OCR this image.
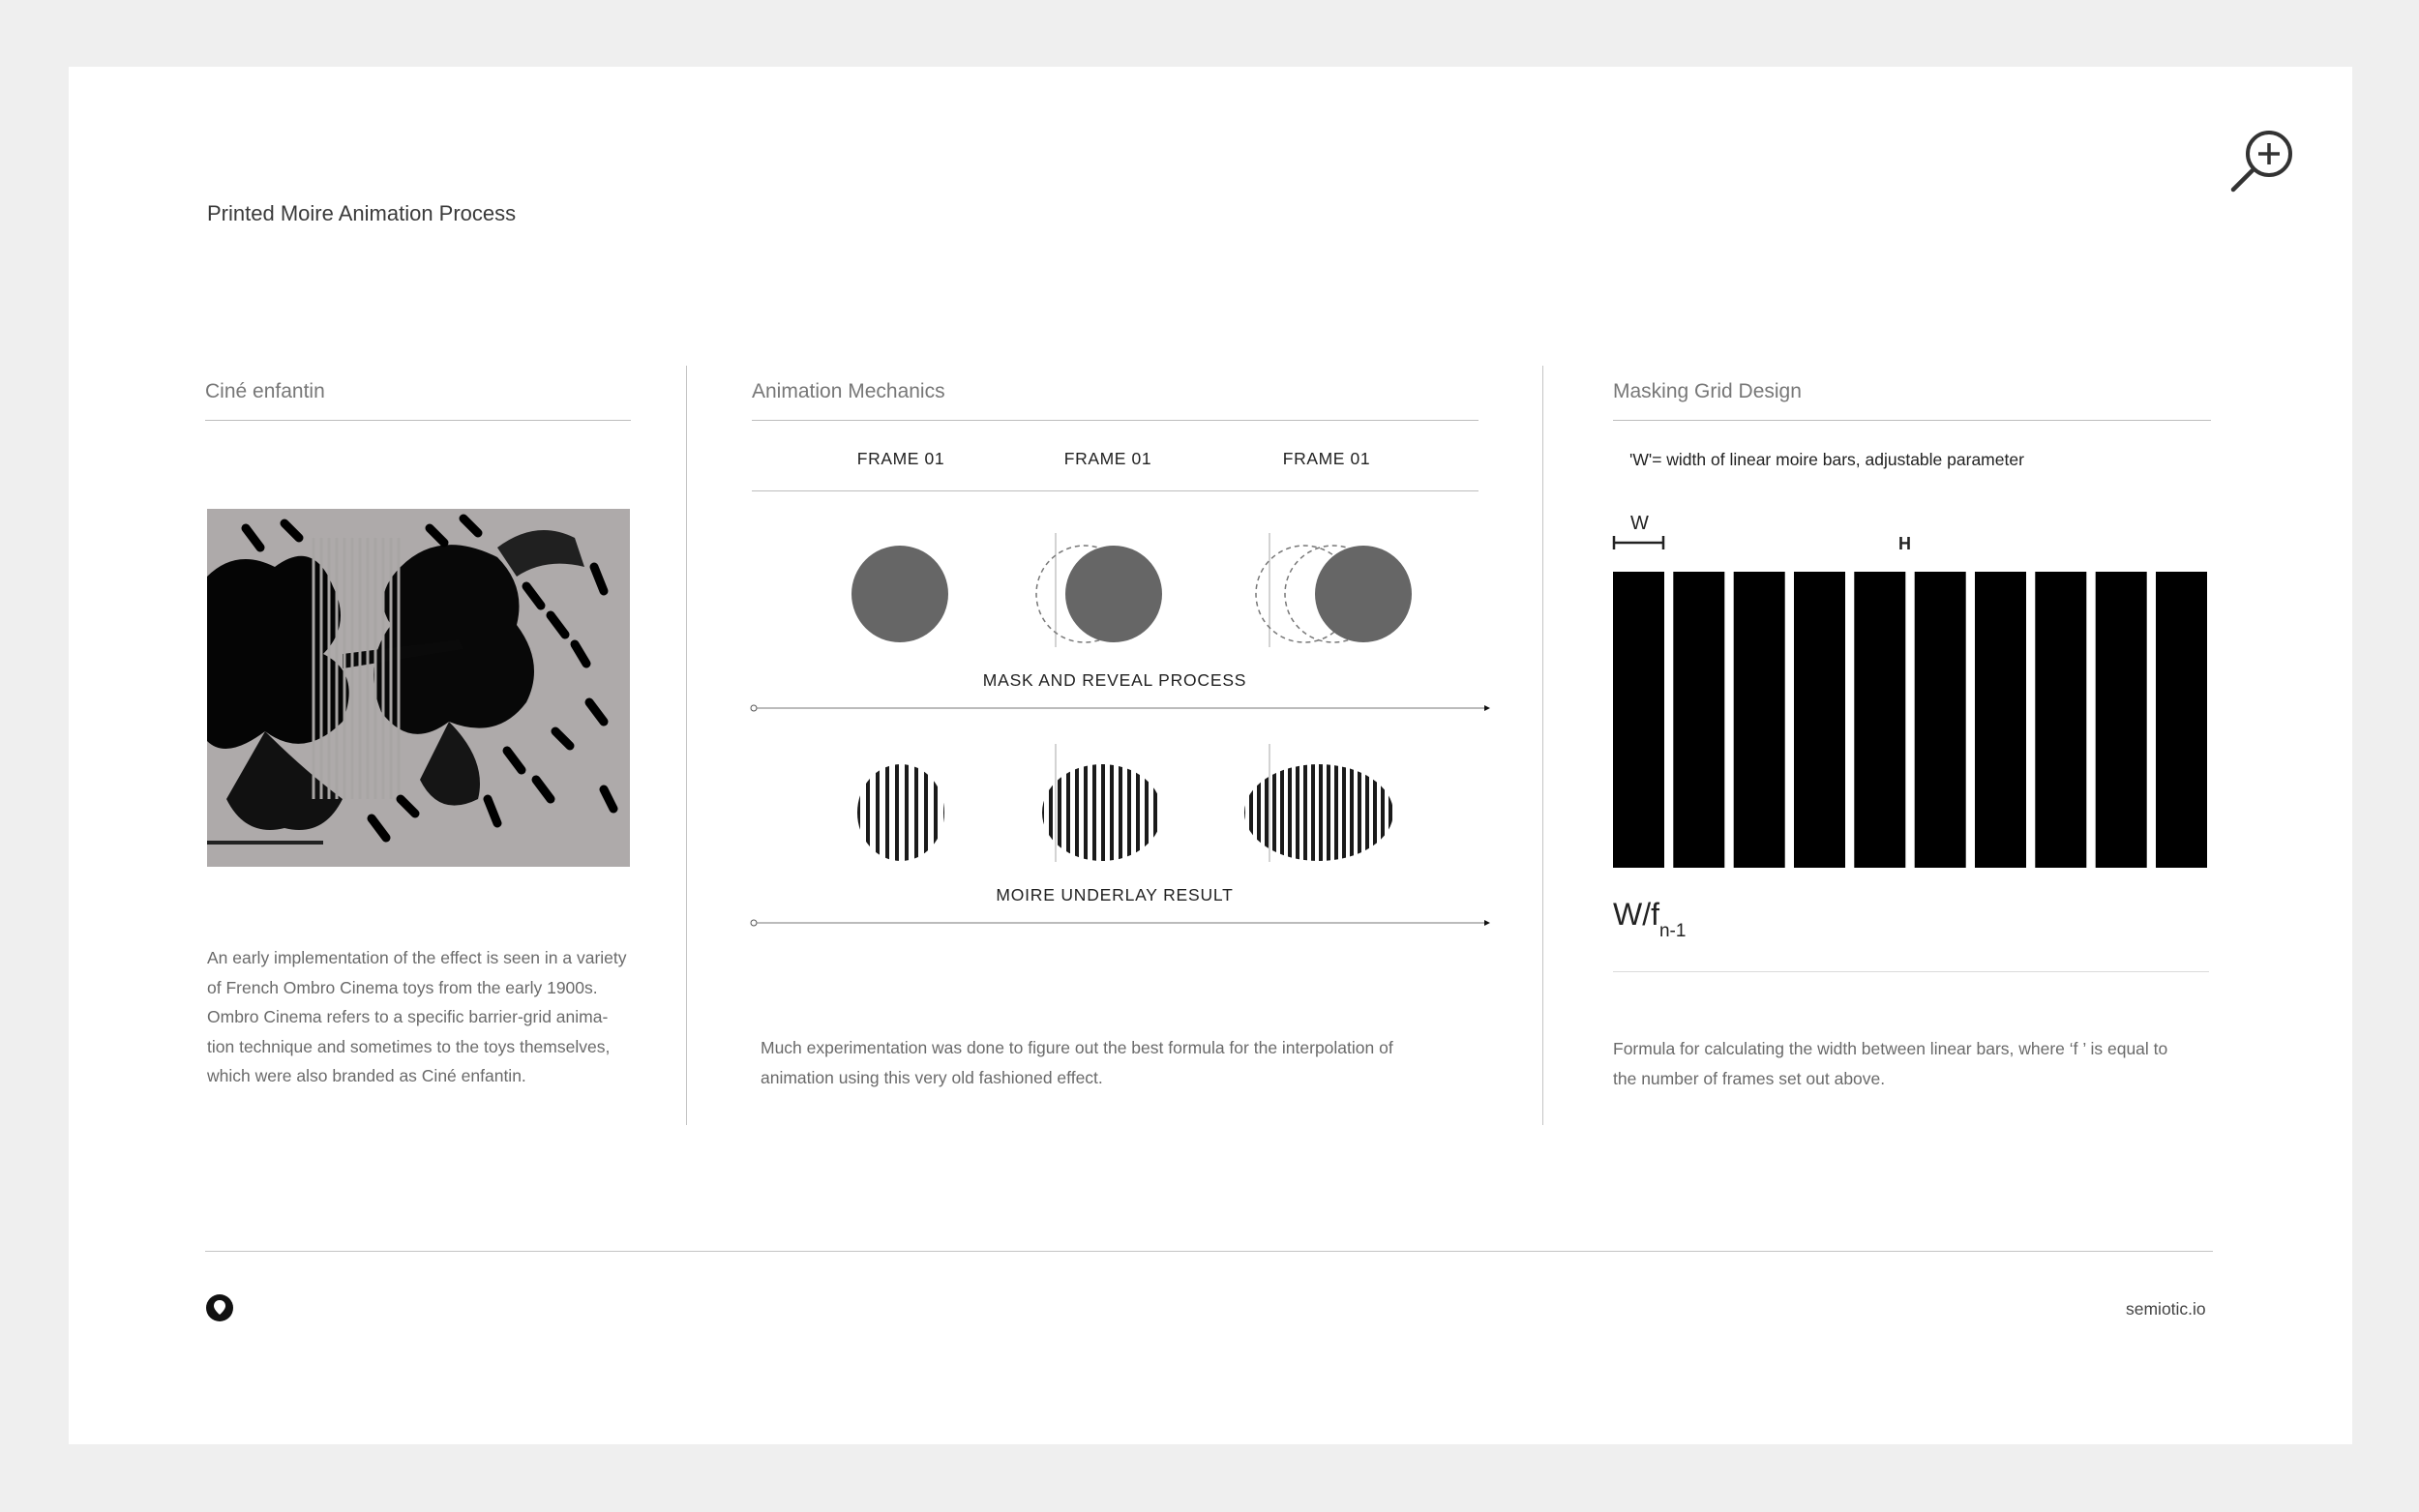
Printed Moire Animation Process
Ciné enfantin
An early implementation of the effect is seen in a variety
of French Ombro Cinema toys from the early 1900s.
Ombro Cinema refers to a specific barrier-grid anima-
tion technique and sometimes to the toys themselves,
which were also branded as Ciné enfantin.
Animation Mechanics
FRAME 01	FRAME 01	FRAME 01
MASK AND REVEAL PROCESS
MOIRE UNDERLAY RESULT
Much experimentation was done to figure out the best formula for the interpolation of
animation using this very old fashioned effect.
Masking Grid Design
'W'= width of linear moire bars, adjustable parameter
W
H
$W/f_{n-1}$
Formula for calculating the width between linear bars, where ‘f ’ is equal to
the number of frames set out above.
semiotic.io
